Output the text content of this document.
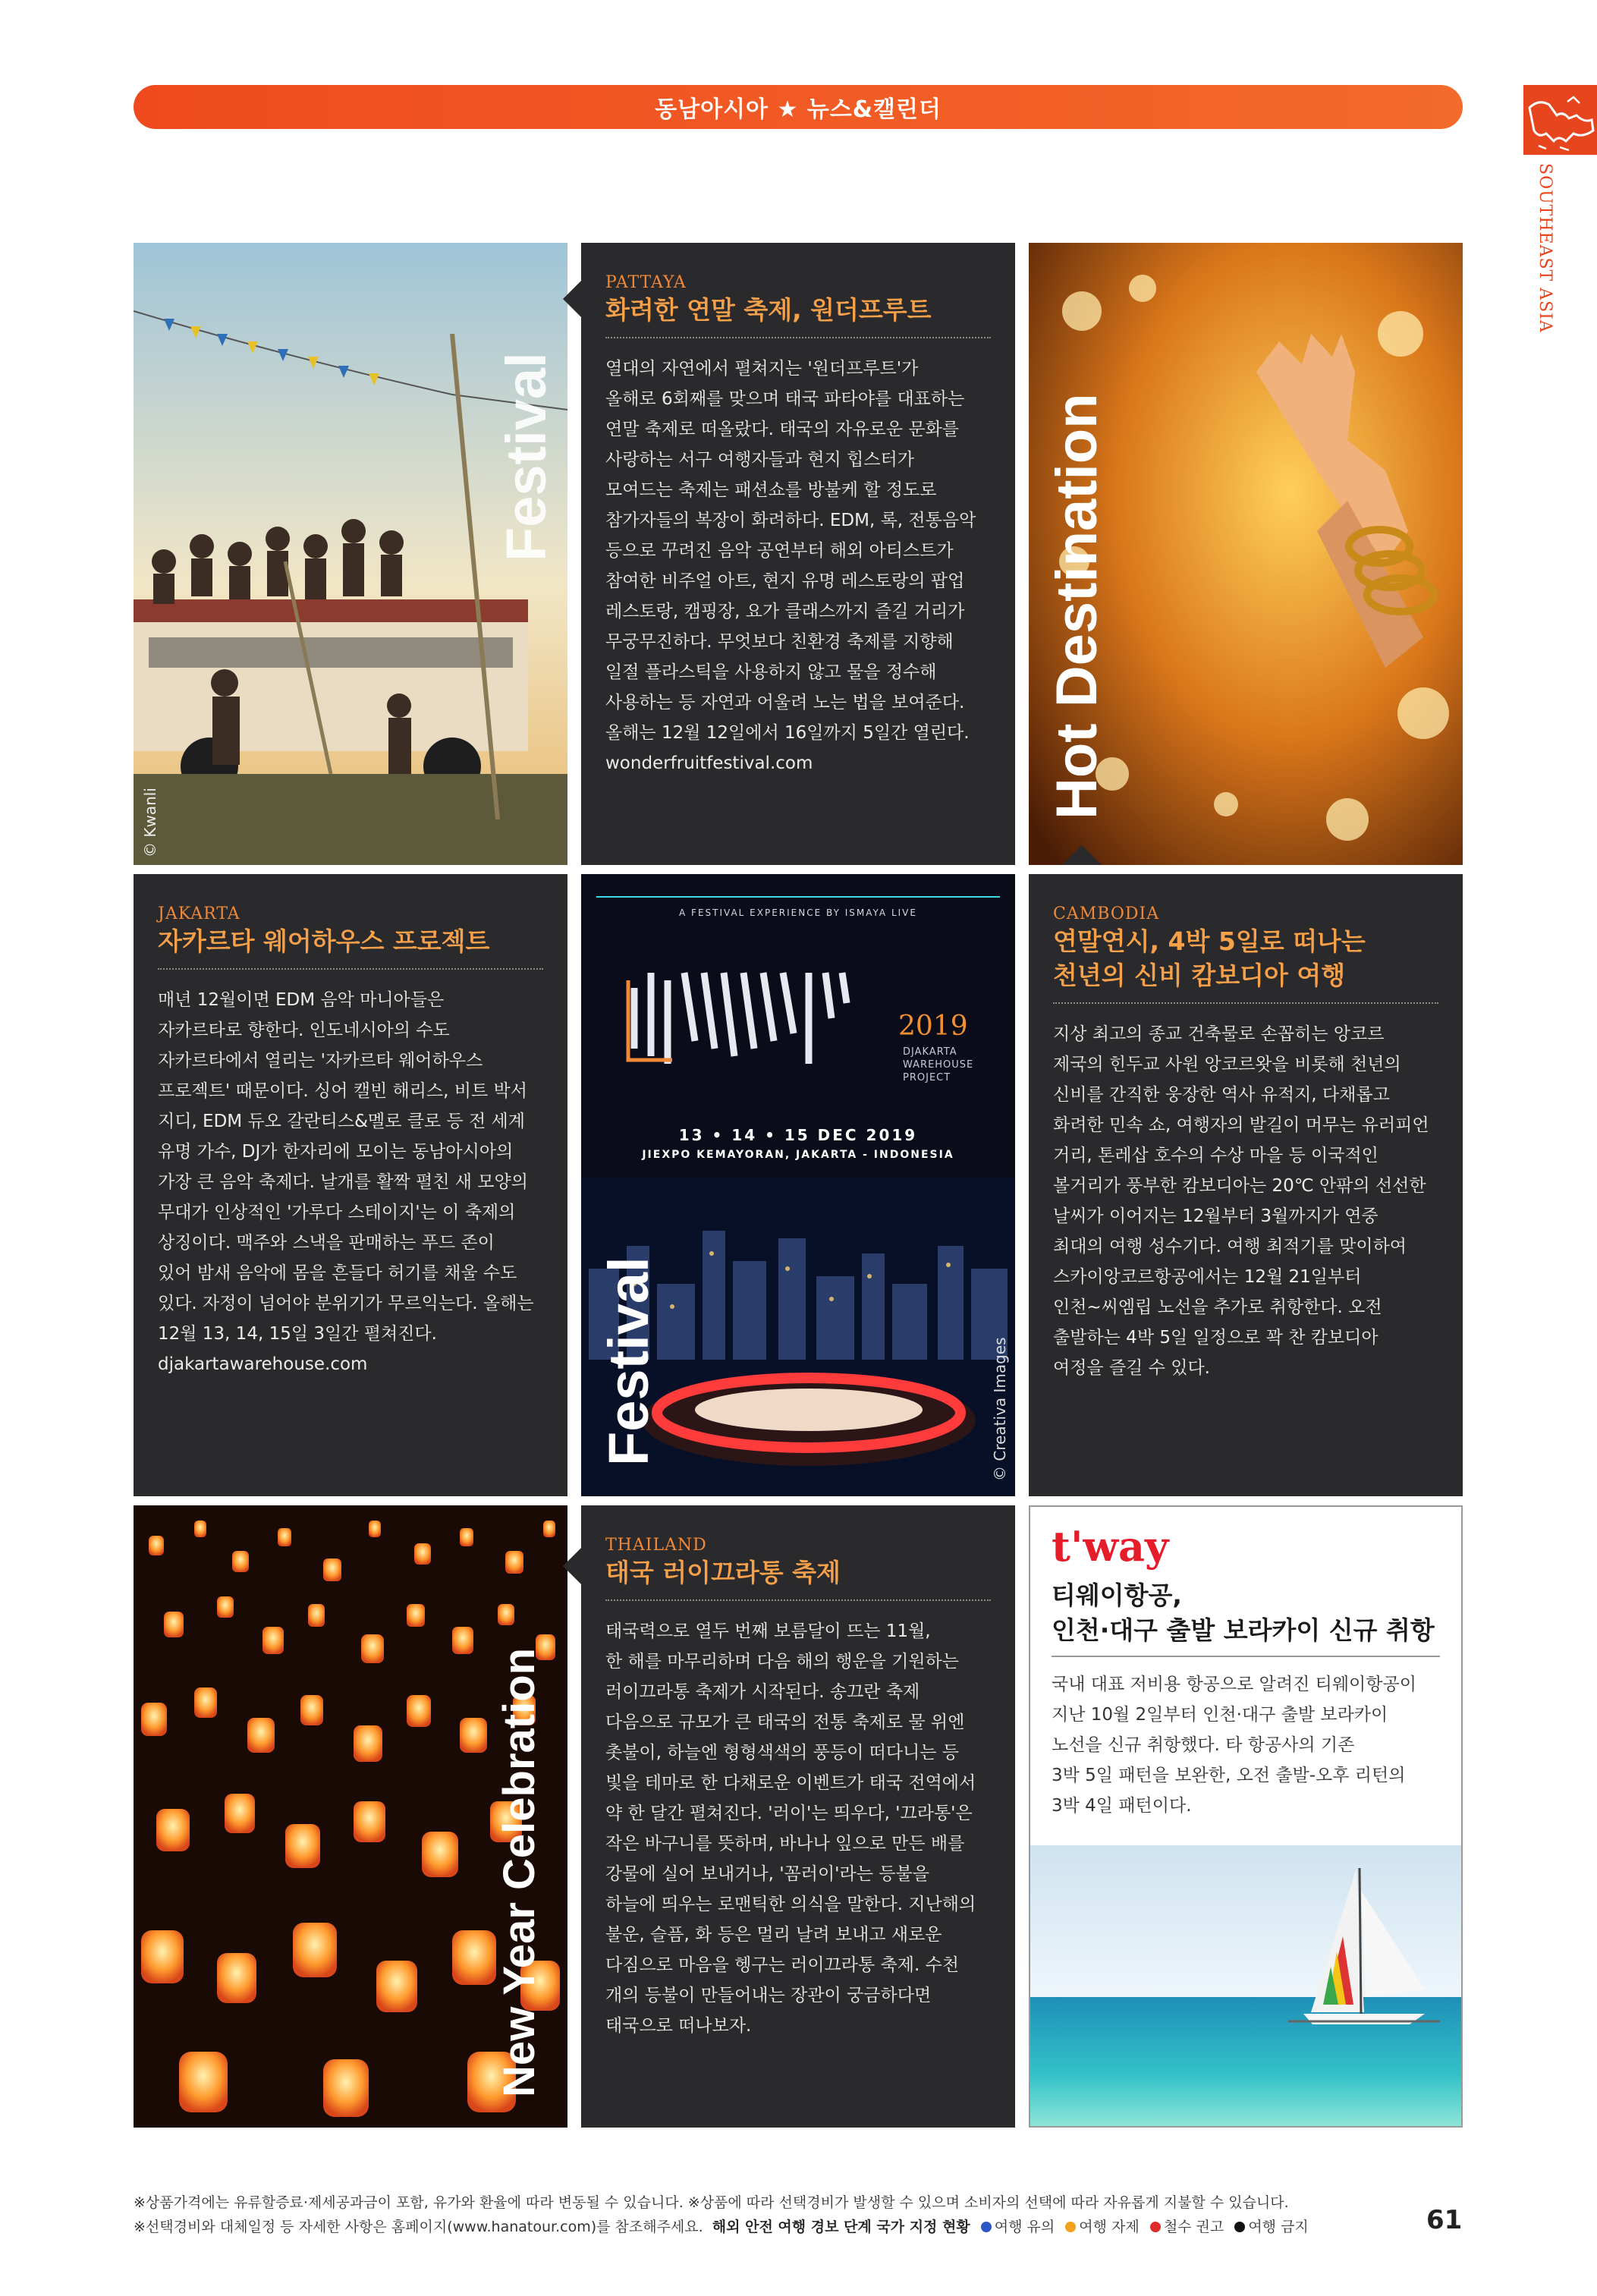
동남아시아 ★ 뉴스&캘린더
SOUTHEAST ASIA
Festival
© Kwanli
PATTAYA
화려한 연말 축제, 원더프루트
열대의 자연에서 펼쳐지는 '원더프루트'가
올해로 6회째를 맞으며 태국 파타야를 대표하는
연말 축제로 떠올랐다. 태국의 자유로운 문화를
사랑하는 서구 여행자들과 현지 힙스터가
모여드는 축제는 패션쇼를 방불케 할 정도로
참가자들의 복장이 화려하다. EDM, 록, 전통음악
등으로 꾸려진 음악 공연부터 해외 아티스트가
참여한 비주얼 아트, 현지 유명 레스토랑의 팝업
레스토랑, 캠핑장, 요가 클래스까지 즐길 거리가
무궁무진하다. 무엇보다 친환경 축제를 지향해
일절 플라스틱을 사용하지 않고 물을 정수해
사용하는 등 자연과 어울려 노는 법을 보여준다.
올해는 12월 12일에서 16일까지 5일간 열린다.
wonderfruitfestival.com	Hot Destination
JAKARTA
자카르타 웨어하우스 프로젝트
매년 12월이면 EDM 음악 마니아들은
자카르타로 향한다. 인도네시아의 수도
자카르타에서 열리는 '자카르타 웨어하우스
프로젝트' 때문이다. 싱어 캘빈 해리스, 비트 박서
지디, EDM 듀오 갈란티스&멜로 클로 등 전 세계
유명 가수, DJ가 한자리에 모이는 동남아시아의
가장 큰 음악 축제다. 날개를 활짝 펼친 새 모양의
무대가 인상적인 '가루다 스테이지'는 이 축제의
상징이다. 맥주와 스낵을 판매하는 푸드 존이
있어 밤새 음악에 몸을 흔들다 허기를 채울 수도
있다. 자정이 넘어야 분위기가 무르익는다. 올해는
12월 13, 14, 15일 3일간 펼쳐진다.
djakartawarehouse.com
A FESTIVAL EXPERIENCE BY ISMAYA LIVE
2019
DJAKARTA
WAREHOUSE
PROJECT
13 • 14 • 15 DEC 2019
JIEXPO KEMAYORAN, JAKARTA - INDONESIA
Festival	© Creativa Images
CAMBODIA
연말연시, 4박 5일로 떠나는
천년의 신비 캄보디아 여행
지상 최고의 종교 건축물로 손꼽히는 앙코르
제국의 힌두교 사원 앙코르왓을 비롯해 천년의
신비를 간직한 웅장한 역사 유적지, 다채롭고
화려한 민속 쇼, 여행자의 발길이 머무는 유러피언
거리, 톤레삽 호수의 수상 마을 등 이국적인
볼거리가 풍부한 캄보디아는 20℃ 안팎의 선선한
날씨가 이어지는 12월부터 3월까지가 연중
최대의 여행 성수기다. 여행 최적기를 맞이하여
스카이앙코르항공에서는 12월 21일부터
인천~씨엠립 노선을 추가로 취항한다. 오전
출발하는 4박 5일 일정으로 꽉 찬 캄보디아
여정을 즐길 수 있다.
New Year Celebration
THAILAND
태국 러이끄라통 축제
태국력으로 열두 번째 보름달이 뜨는 11월,
한 해를 마무리하며 다음 해의 행운을 기원하는
러이끄라통 축제가 시작된다. 송끄란 축제
다음으로 규모가 큰 태국의 전통 축제로 물 위엔
촛불이, 하늘엔 형형색색의 풍등이 떠다니는 등
빛을 테마로 한 다채로운 이벤트가 태국 전역에서
약 한 달간 펼쳐진다. '러이'는 띄우다, '끄라통'은
작은 바구니를 뜻하며, 바나나 잎으로 만든 배를
강물에 실어 보내거나, '꼼러이'라는 등불을
하늘에 띄우는 로맨틱한 의식을 말한다. 지난해의
불운, 슬픔, 화 등은 멀리 날려 보내고 새로운
다짐으로 마음을 헹구는 러이끄라통 축제. 수천
개의 등불이 만들어내는 장관이 궁금하다면
태국으로 떠나보자.
t'way
티웨이항공,
인천·대구 출발 보라카이 신규 취항
국내 대표 저비용 항공으로 알려진 티웨이항공이
지난 10월 2일부터 인천·대구 출발 보라카이
노선을 신규 취항했다. 타 항공사의 기존
3박 5일 패턴을 보완한, 오전 출발-오후 리턴의
3박 4일 패턴이다.
※상품가격에는 유류할증료·제세공과금이 포함, 유가와 환율에 따라 변동될 수 있습니다. ※상품에 따라 선택경비가 발생할 수 있으며 소비자의 선택에 따라 자유롭게 지불할 수 있습니다.
※선택경비와 대체일정 등 자세한 사항은 홈페이지(www.hanatour.com)를 참조해주세요. 해외 안전 여행 경보 단계 국가 지정 현황 여행 유의 여행 자제 철수 권고 여행 금지	61
